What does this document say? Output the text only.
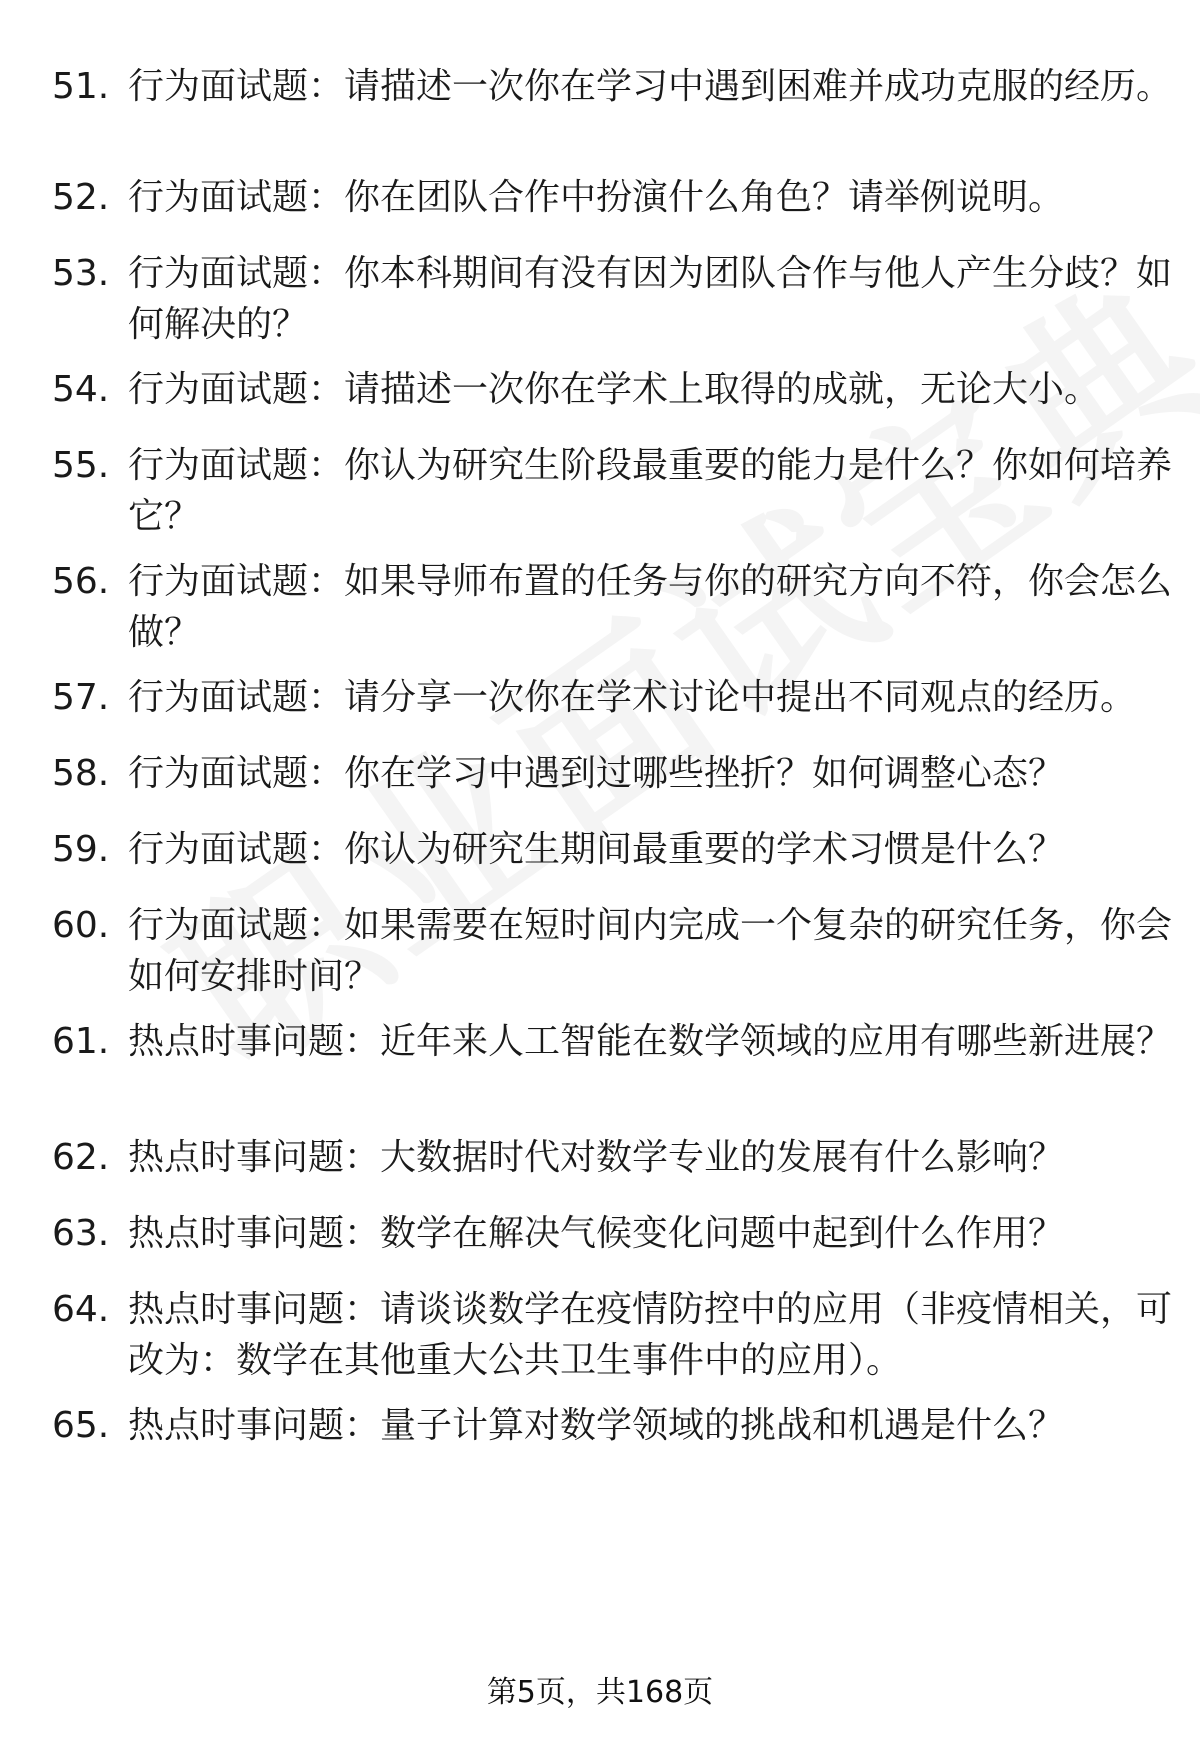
51. 行为面试题：请描述一次你在学习中遇到困难并成功克服的经历。
52. 行为面试题：你在团队合作中扮演什么角色？请举例说明。
53. 行为面试题：你本科期间有没有因为团队合作与他人产生分歧？如何解决的？
54. 行为面试题：请描述一次你在学术上取得的成就，无论大小。
55. 行为面试题：你认为研究生阶段最重要的能力是什么？你如何培养它？
56. 行为面试题：如果导师布置的任务与你的研究方向不符，你会怎么做？
57. 行为面试题：请分享一次你在学术讨论中提出不同观点的经历。
58. 行为面试题：你在学习中遇到过哪些挫折？如何调整心态？
59. 行为面试题：你认为研究生期间最重要的学术习惯是什么？
60. 行为面试题：如果需要在短时间内完成一个复杂的研究任务，你会如何安排时间？
61. 热点时事问题：近年来人工智能在数学领域的应用有哪些新进展？
62. 热点时事问题：大数据时代对数学专业的发展有什么影响？
63. 热点时事问题：数学在解决气候变化问题中起到什么作用？
64. 热点时事问题：请谈谈数学在疫情防控中的应用（非疫情相关，可改为：数学在其他重大公共卫生事件中的应用）。
65. 热点时事问题：量子计算对数学领域的挑战和机遇是什么？
第5页，共168页
